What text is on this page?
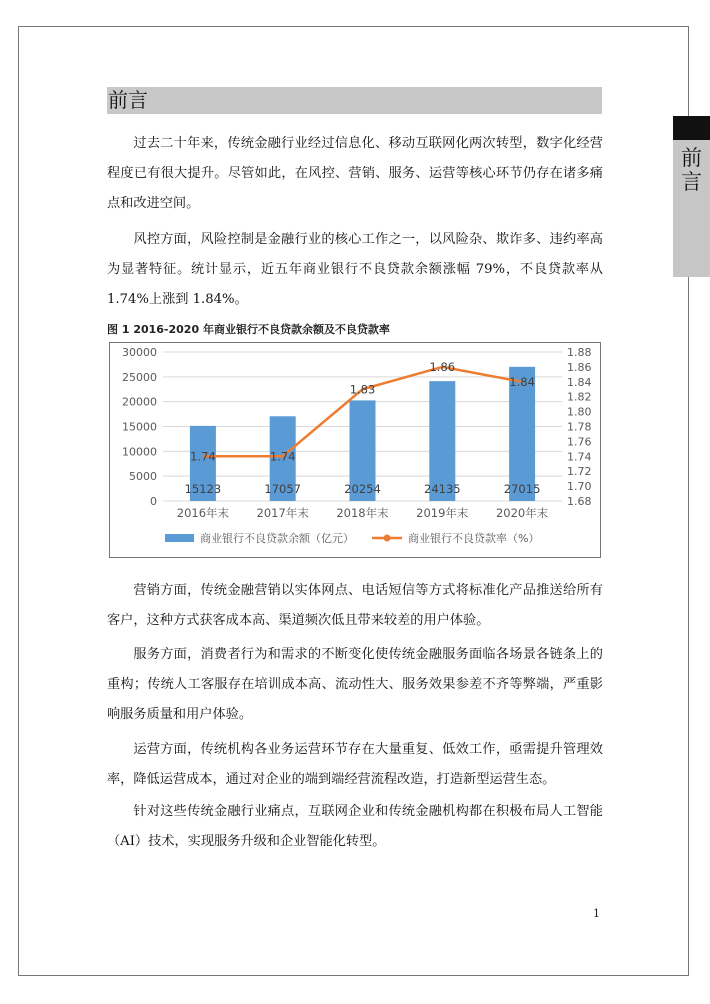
前
言
前言

过去二十年来，传统金融行业经过信息化、移动互联网化两次转型，数字化经营程度已有很大提升。尽管如此，在风控、营销、服务、运营等核心环节仍存在诸多痛点和改进空间。

风控方面，风险控制是金融行业的核心工作之一，以风险杂、欺诈多、违约率高为显著特征。统计显示，近五年商业银行不良贷款余额涨幅 79%，不良贷款率从 1.74%上涨到 1.84%。

图 1 2016-2020 年商业银行不良贷款余额及不良贷款率
0
5000
10000
15000
20000
25000
30000
1.68
1.70
1.72
1.74
1.76
1.78
1.80
1.82
1.84
1.86
1.88
2016年末 2017年末 2018年末 2019年末 2020年末
15123	17057	20254	24135	27015
1.74	1.74
1.83
1.86
1.84
商业银行不良贷款余额（亿元）	商业银行不良贷款率（%）

营销方面，传统金融营销以实体网点、电话短信等方式将标准化产品推送给所有客户，这种方式获客成本高、渠道频次低且带来较差的用户体验。

服务方面，消费者行为和需求的不断变化使传统金融服务面临各场景各链条上的重构；传统人工客服存在培训成本高、流动性大、服务效果参差不齐等弊端，严重影响服务质量和用户体验。

运营方面，传统机构各业务运营环节存在大量重复、低效工作，亟需提升管理效率，降低运营成本，通过对企业的端到端经营流程改造，打造新型运营生态。

针对这些传统金融行业痛点，互联网企业和传统金融机构都在积极布局人工智能（AI）技术，实现服务升级和企业智能化转型。

1
